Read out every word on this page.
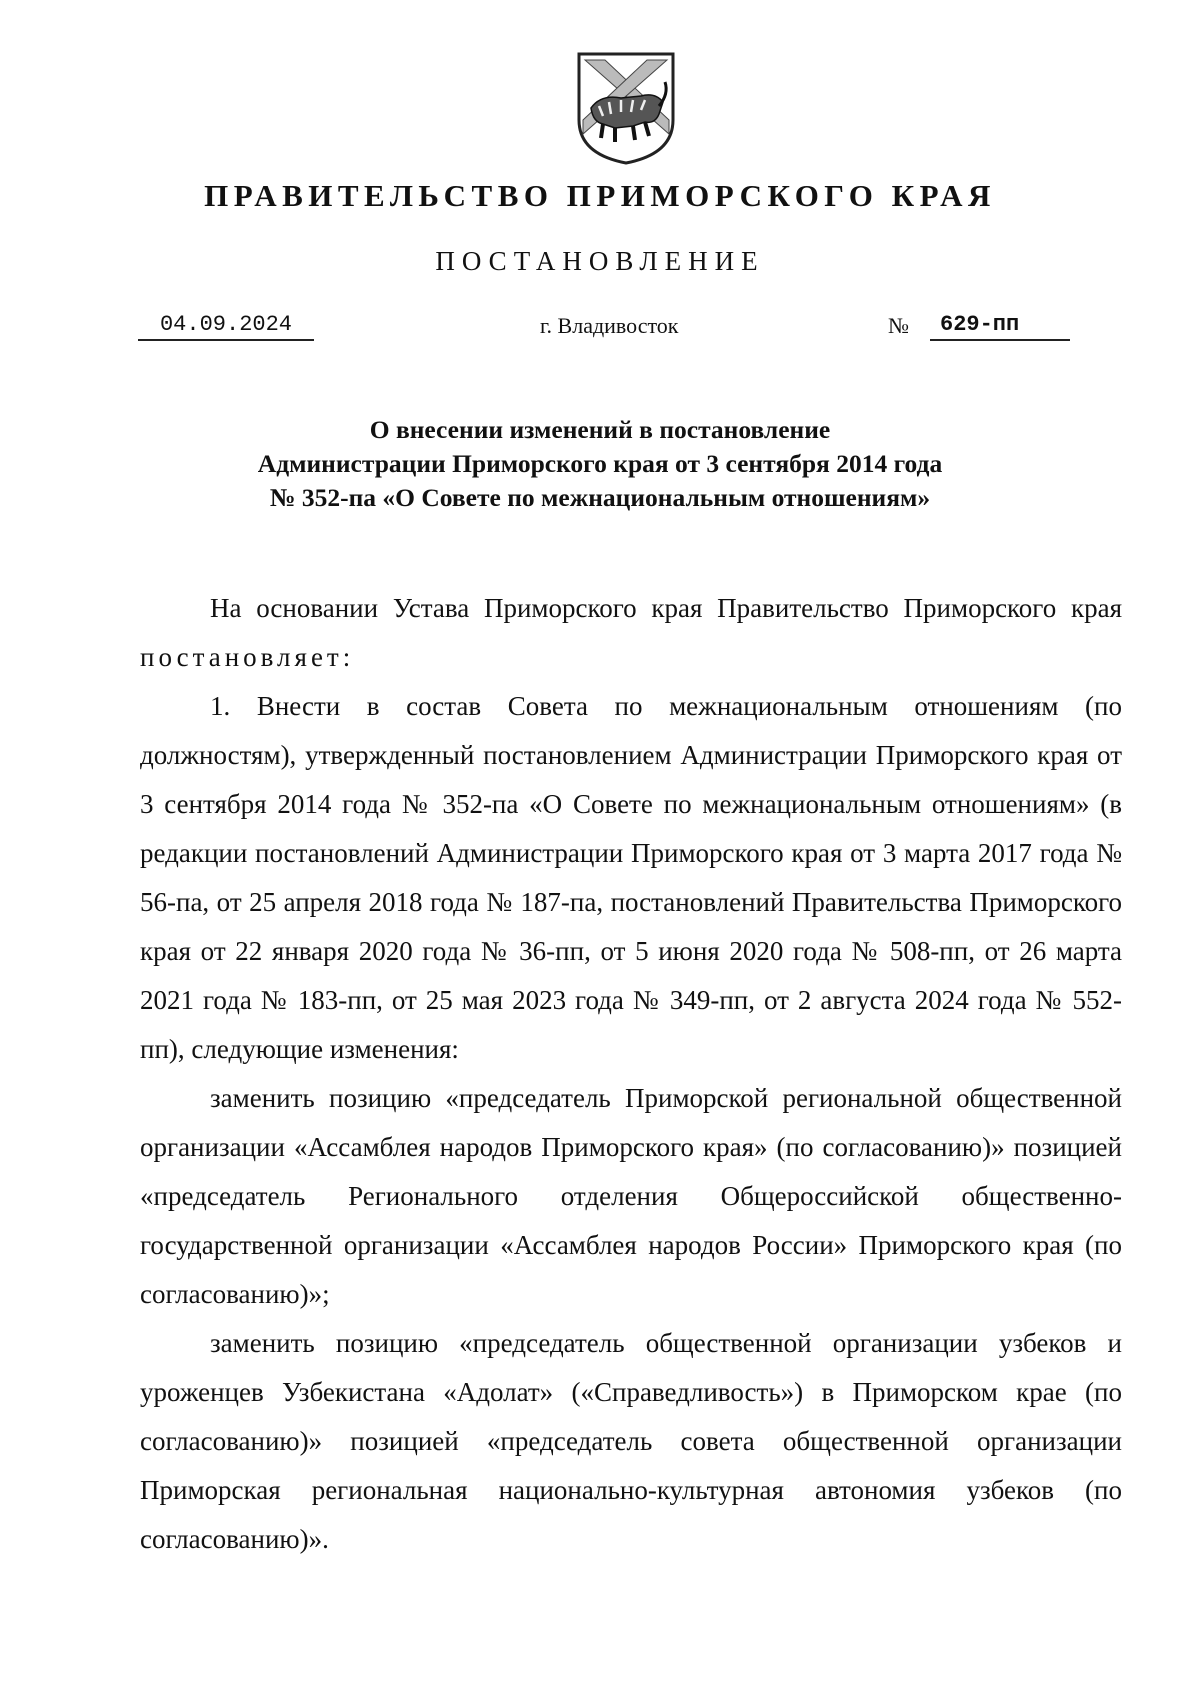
ПРАВИТЕЛЬСТВО ПРИМОРСКОГО КРАЯ
ПОСТАНОВЛЕНИЕ
04.09.2024	г. Владивосток	№	629-пп
О внесении изменений в постановление
Администрации Приморского края от 3 сентября 2014 года
№ 352-па «О Совете по межнациональным отношениям»

На основании Устава Приморского края Правительство Приморского края постановляет:

1. Внести в состав Совета по межнациональным отношениям (по должностям), утвержденный постановлением Администрации Приморского края от 3 сентября 2014 года № 352-па «О Совете по межнациональным отношениям» (в редакции постановлений Администрации Приморского края от 3 марта 2017 года № 56-па, от 25 апреля 2018 года № 187-па, постановлений Правительства Приморского края от 22 января 2020 года № 36-пп, от 5 июня 2020 года № 508-пп, от 26 марта 2021 года № 183-пп, от 25 мая 2023 года № 349-пп, от 2 августа 2024 года № 552-пп), следующие изменения:

заменить позицию «председатель Приморской региональной общественной организации «Ассамблея народов Приморского края» (по согласованию)» позицией «председатель Регионального отделения Общероссийской общественно-государственной организации «Ассамблея народов России» Приморского края (по согласованию)»;

заменить позицию «председатель общественной организации узбеков и уроженцев Узбекистана «Адолат» («Справедливость») в Приморском крае (по согласованию)» позицией «председатель совета общественной организации Приморская региональная национально-культурная автономия узбеков (по согласованию)».
